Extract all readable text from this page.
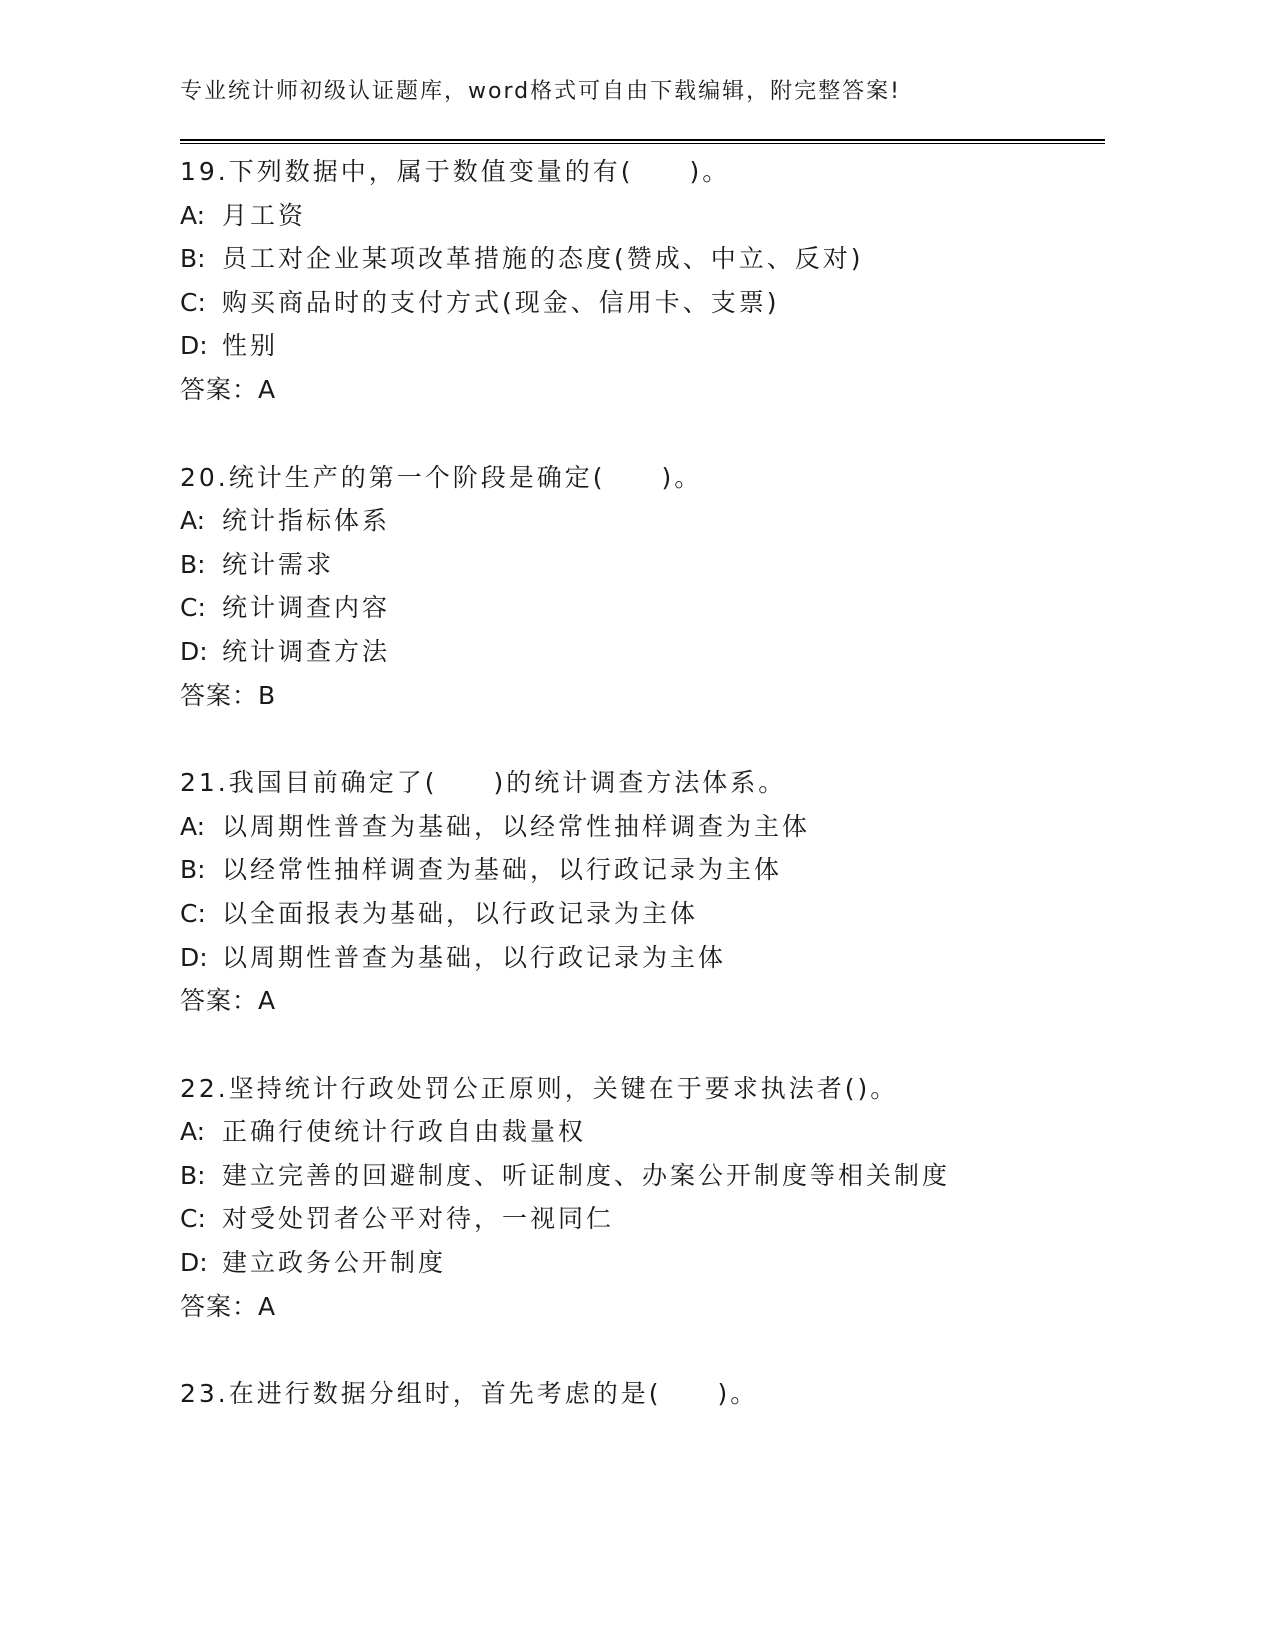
专业统计师初级认证题库，word格式可自由下载编辑，附完整答案!
19.下列数据中，属于数值变量的有(　　)。
A: 月工资
B: 员工对企业某项改革措施的态度(赞成、中立、反对)
C: 购买商品时的支付方式(现金、信用卡、支票)
D: 性别
答案：A
20.统计生产的第一个阶段是确定(　　)。
A: 统计指标体系
B: 统计需求
C: 统计调查内容
D: 统计调查方法
答案：B
21.我国目前确定了(　　)的统计调查方法体系。
A: 以周期性普查为基础，以经常性抽样调查为主体
B: 以经常性抽样调查为基础，以行政记录为主体
C: 以全面报表为基础，以行政记录为主体
D: 以周期性普查为基础，以行政记录为主体
答案：A
22.坚持统计行政处罚公正原则，关键在于要求执法者()。
A: 正确行使统计行政自由裁量权
B: 建立完善的回避制度、听证制度、办案公开制度等相关制度
C: 对受处罚者公平对待，一视同仁
D: 建立政务公开制度
答案：A
23.在进行数据分组时，首先考虑的是(　　)。
